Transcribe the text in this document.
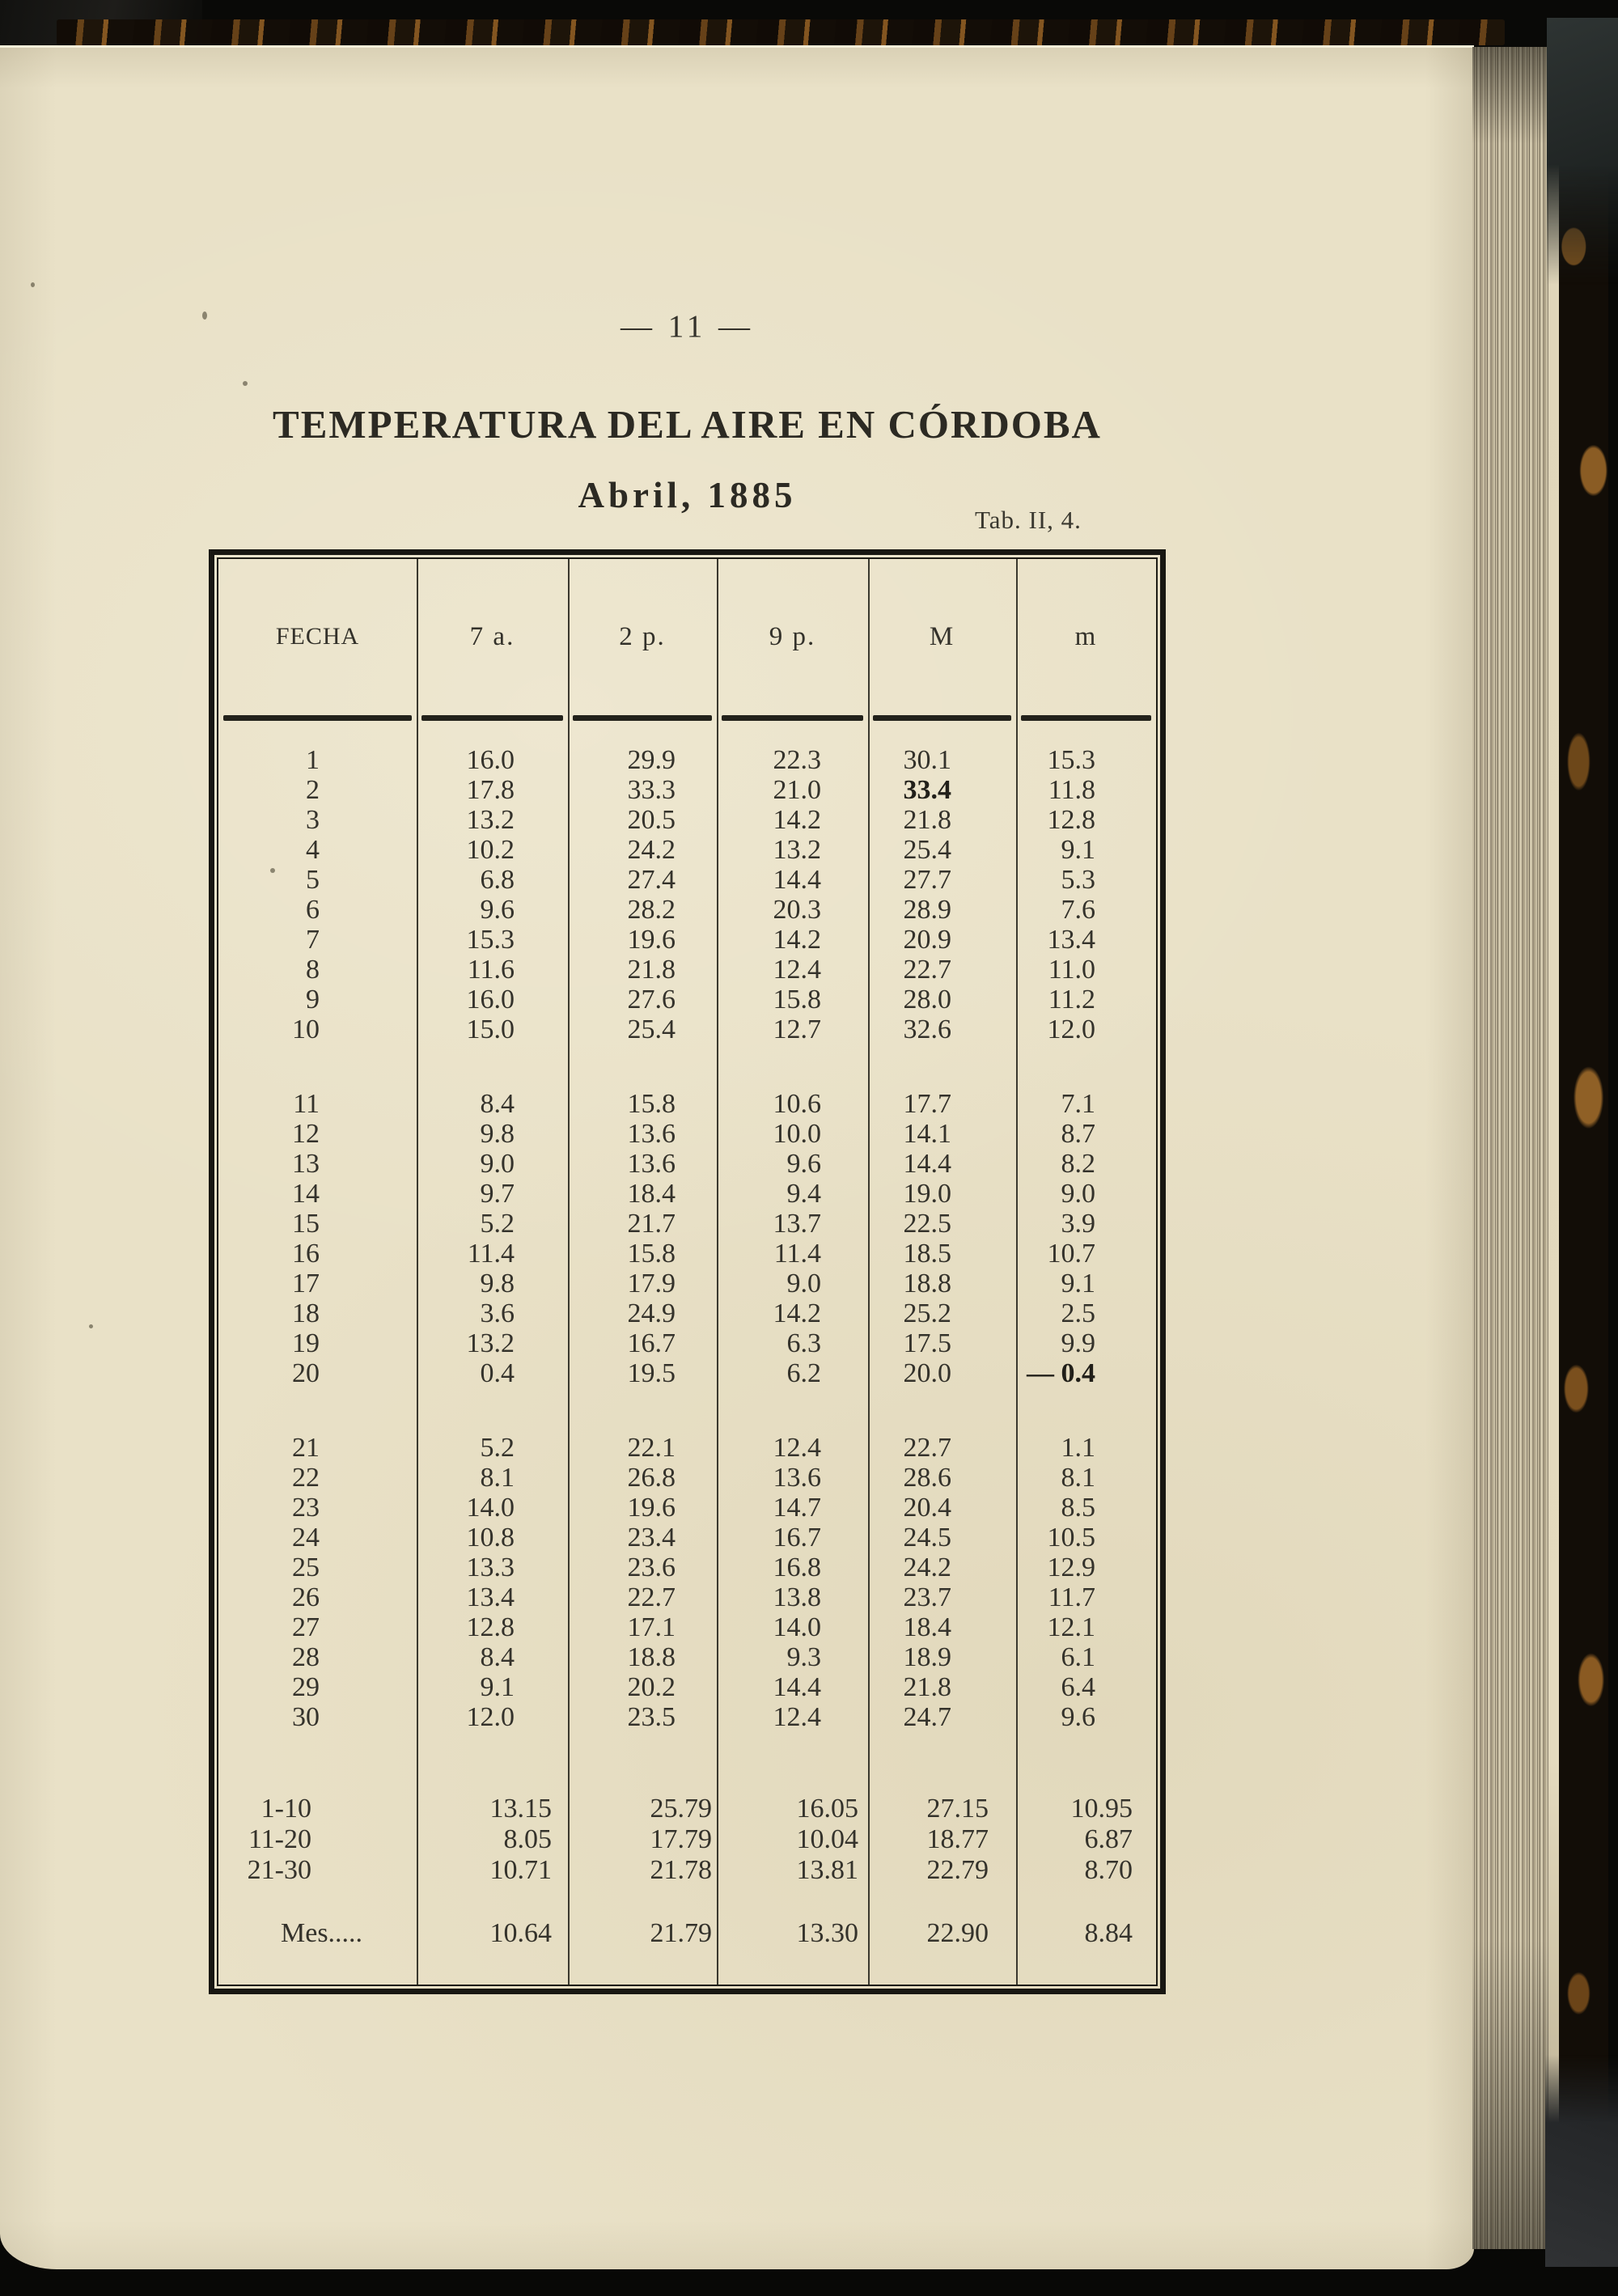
— 11 —
TEMPERATURA DEL AIRE EN CÓRDOBA
Abril, 1885
Tab. II, 4.
FECHA	7 a.	2 p.	9 p.	M	m
1	16.0	29.9	22.3	30.1	15.3
2	17.8	33.3	21.0	33.4	11.8
3	13.2	20.5	14.2	21.8	12.8
4	10.2	24.2	13.2	25.4	9.1
5	6.8	27.4	14.4	27.7	5.3
6	9.6	28.2	20.3	28.9	7.6
7	15.3	19.6	14.2	20.9	13.4
8	11.6	21.8	12.4	22.7	11.0
9	16.0	27.6	15.8	28.0	11.2
10	15.0	25.4	12.7	32.6	12.0
11	8.4	15.8	10.6	17.7	7.1
12	9.8	13.6	10.0	14.1	8.7
13	9.0	13.6	9.6	14.4	8.2
14	9.7	18.4	9.4	19.0	9.0
15	5.2	21.7	13.7	22.5	3.9
16	11.4	15.8	11.4	18.5	10.7
17	9.8	17.9	9.0	18.8	9.1
18	3.6	24.9	14.2	25.2	2.5
19	13.2	16.7	6.3	17.5	9.9
20	0.4	19.5	6.2	20.0	— 0.4
21	5.2	22.1	12.4	22.7	1.1
22	8.1	26.8	13.6	28.6	8.1
23	14.0	19.6	14.7	20.4	8.5
24	10.8	23.4	16.7	24.5	10.5
25	13.3	23.6	16.8	24.2	12.9
26	13.4	22.7	13.8	23.7	11.7
27	12.8	17.1	14.0	18.4	12.1
28	8.4	18.8	9.3	18.9	6.1
29	9.1	20.2	14.4	21.8	6.4
30	12.0	23.5	12.4	24.7	9.6
1-10	13.15	25.79	16.05	27.15	10.95
11-20	8.05	17.79	10.04	18.77	6.87
21-30	10.71	21.78	13.81	22.79	8.70
Mes.....	10.64	21.79	13.30	22.90	8.84
